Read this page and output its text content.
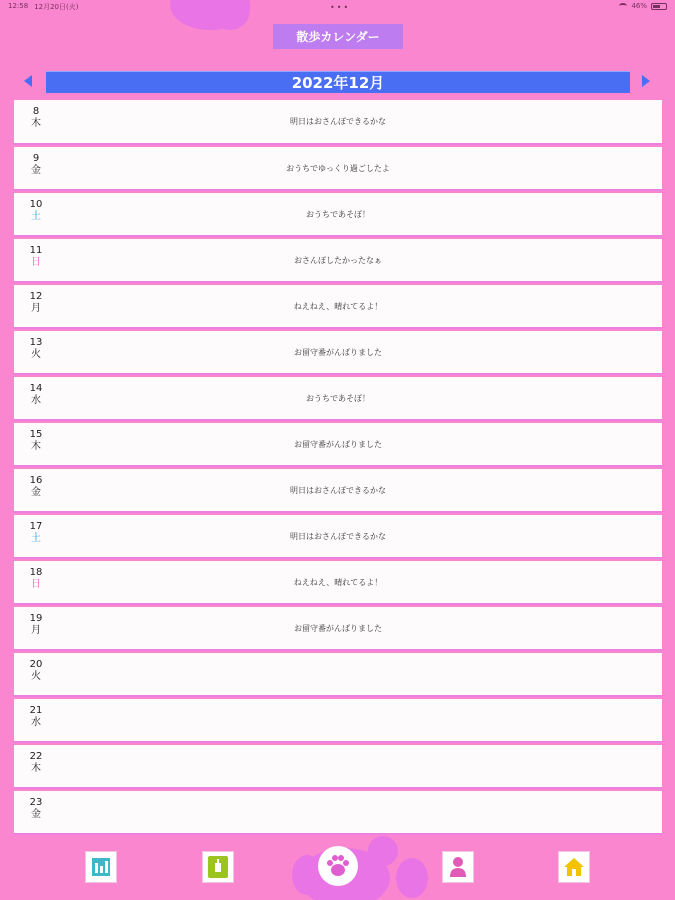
12:58 12月20日(火)	•••	46%
散歩カレンダー
2022年12月
8
木	明日はおさんぽできるかな
9
金	おうちでゆっくり過ごしたよ
10
土	おうちであそぼ！
11
日	おさんぽしたかったなぁ
12
月	ねえねえ、晴れてるよ！
13
火	お留守番がんばりました
14
水	おうちであそぼ！
15
木	お留守番がんばりました
16
金	明日はおさんぽできるかな
17
土	明日はおさんぽできるかな
18
日	ねえねえ、晴れてるよ！
19
月	お留守番がんばりました
20
火
21
水
22
木
23
金
